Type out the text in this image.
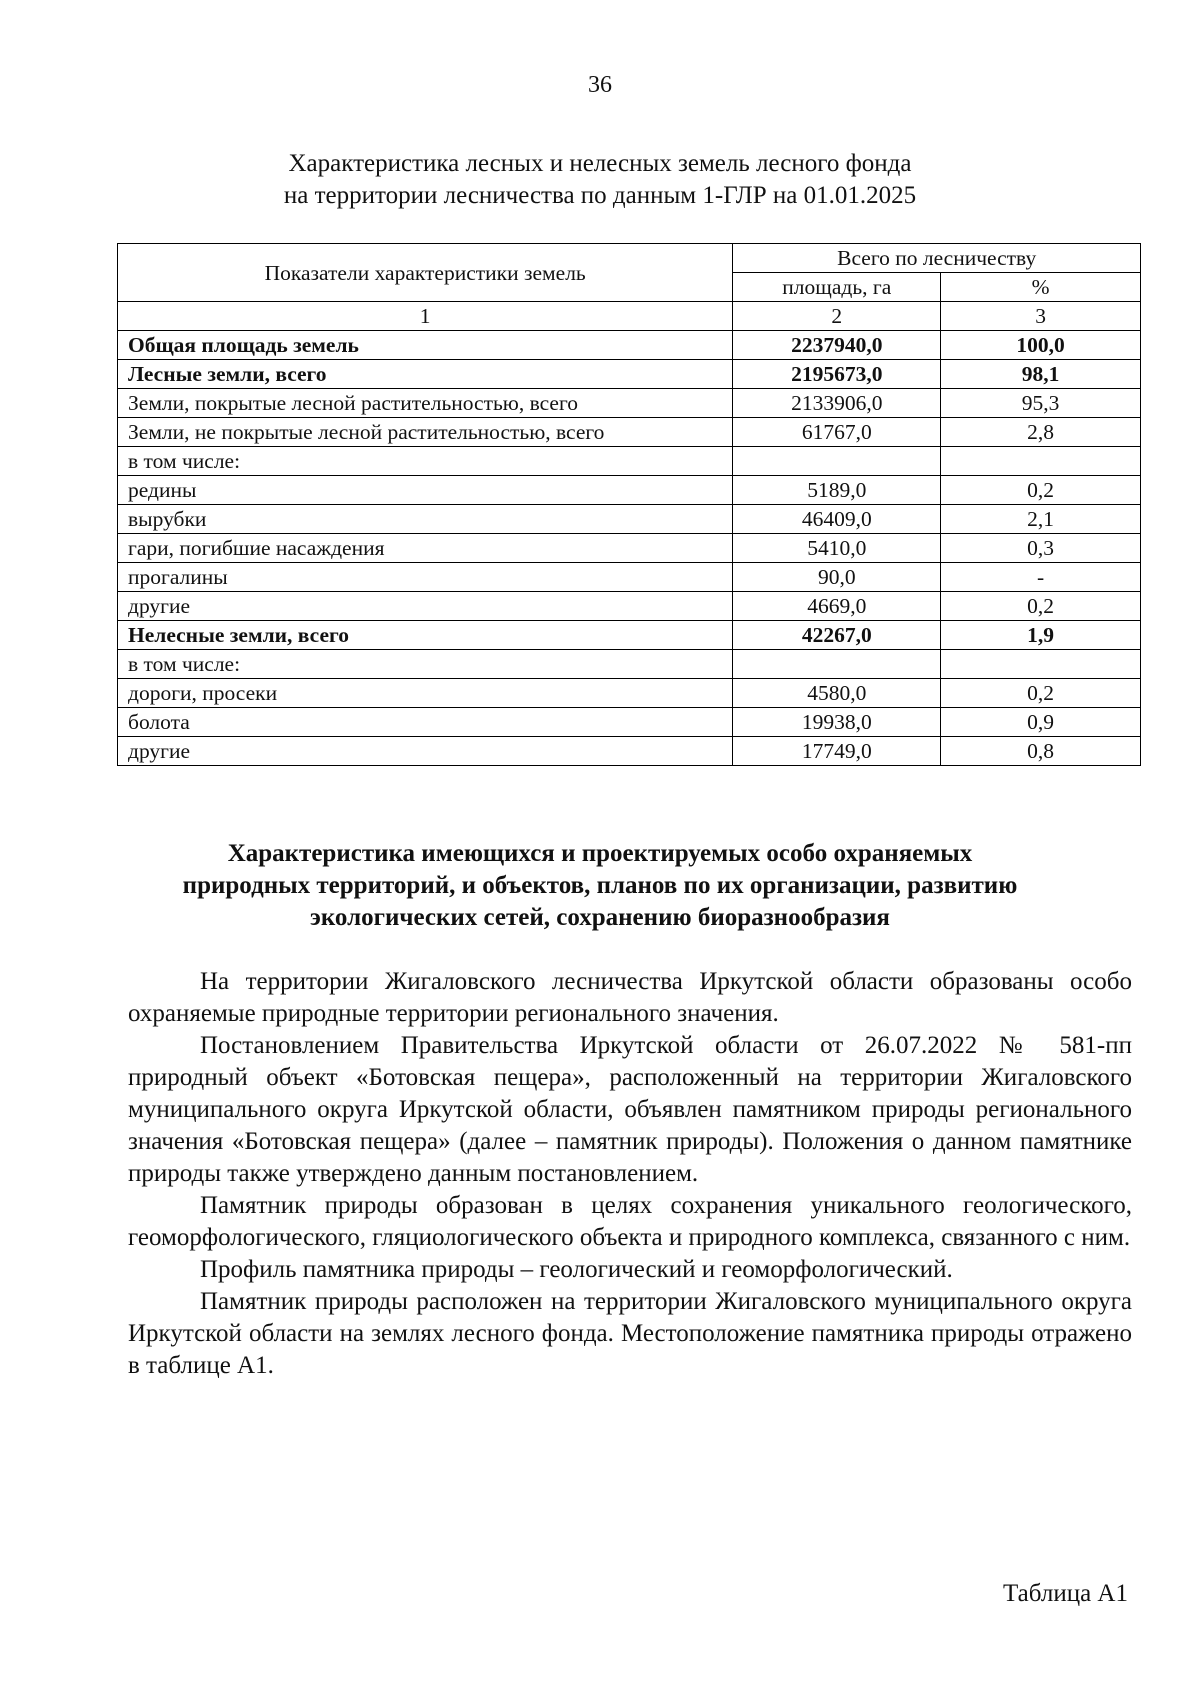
36
Характеристика лесных и нелесных земель лесного фонда
на территории лесничества по данным 1-ГЛР на 01.01.2025
Показатели характеристики земель	Всего по лесничеству	
	площадь, га	%
1	2	3
Общая площадь земель	2237940,0	100,0
Лесные земли, всего	2195673,0	98,1
Земли, покрытые лесной растительностью, всего	2133906,0	95,3
Земли, не покрытые лесной растительностью, всего	61767,0	2,8
в том числе:		
редины	5189,0	0,2
вырубки	46409,0	2,1
гари, погибшие насаждения	5410,0	0,3
прогалины	90,0	-
другие	4669,0	0,2
Нелесные земли, всего	42267,0	1,9
в том числе:		
дороги, просеки	4580,0	0,2
болота	19938,0	0,9
другие	17749,0	0,8
Характеристика имеющихся и проектируемых особо охраняемых
природных территорий, и объектов, планов по их организации, развитию
экологических сетей, сохранению биоразнообразия

На территории Жигаловского лесничества Иркутской области образованы особо охраняемые природные территории регионального значения.

Постановлением Правительства Иркутской области от 26.07.2022 № 581-пп природный объект «Ботовская пещера», расположенный на территории Жигаловского муниципального округа Иркутской области, объявлен памятником природы регионального значения «Ботовская пещера» (далее – памятник природы). Положения о данном памятнике природы также утверждено данным постановлением.

Памятник природы образован в целях сохранения уникального геологического, геоморфологического, гляциологического объекта и природного комплекса, связанного с ним.

Профиль памятника природы – геологический и геоморфологический.

Памятник природы расположен на территории Жигаловского муниципального округа Иркутской области на землях лесного фонда. Местоположение памятника природы отражено в таблице А1.

Таблица А1
